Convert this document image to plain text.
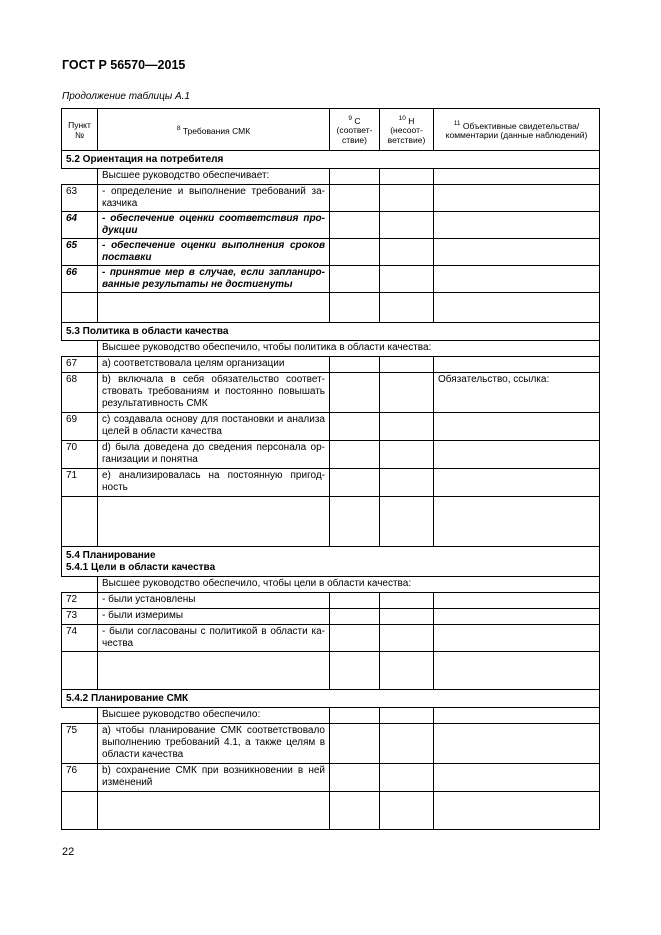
ГОСТ Р 56570—2015
Продолжение таблицы А.1
Пункт №	$^8$ Требования СМК	$^9$ С (соответ-ствие)	$^{10}$ Н (несоот-ветствие)	$^{11}$ Объективные свидетельства/ комментарии (данные наблюдений)
5.2 Ориентация на потребителя				
	Высшее руководство обеспечивает:			
63	- определение и выполнение требований за-казчика			
64	- обеспечение оценки соответствия про-дукции			
65	- обеспечение оценки выполнения сроков поставки			
66	- принятие мер в случае, если запланиро-ванные результаты не достигнуты			

5.3 Политика в области качества				
	Высшее руководство обеспечило, чтобы политика в области качества:			
67	а) соответствовала целям организации			
68	b) включала в себя обязательство соответ-ствовать требованиям и постоянно повышать результативность СМК			Обязательство, ссылка:
69	с) создавала основу для постановки и анализа целей в области качества			
70	d) была доведена до сведения персонала ор-ганизации и понятна			
71	е) анализировалась на постоянную пригод-ность			

5.4 Планирование
5.4.1 Цели в области качества				

	Высшее руководство обеспечило, чтобы цели в области качества:			
72	- были установлены			
73	- были измеримы			
74	- были согласованы с политикой в области ка-чества			

5.4.2 Планирование СМК				
	Высшее руководство обеспечило:			
75	а) чтобы планирование СМК соответствовало выполнению требований 4.1, а также целям в области качества			
76	b) сохранение СМК при возникновении в ней изменений			

22
